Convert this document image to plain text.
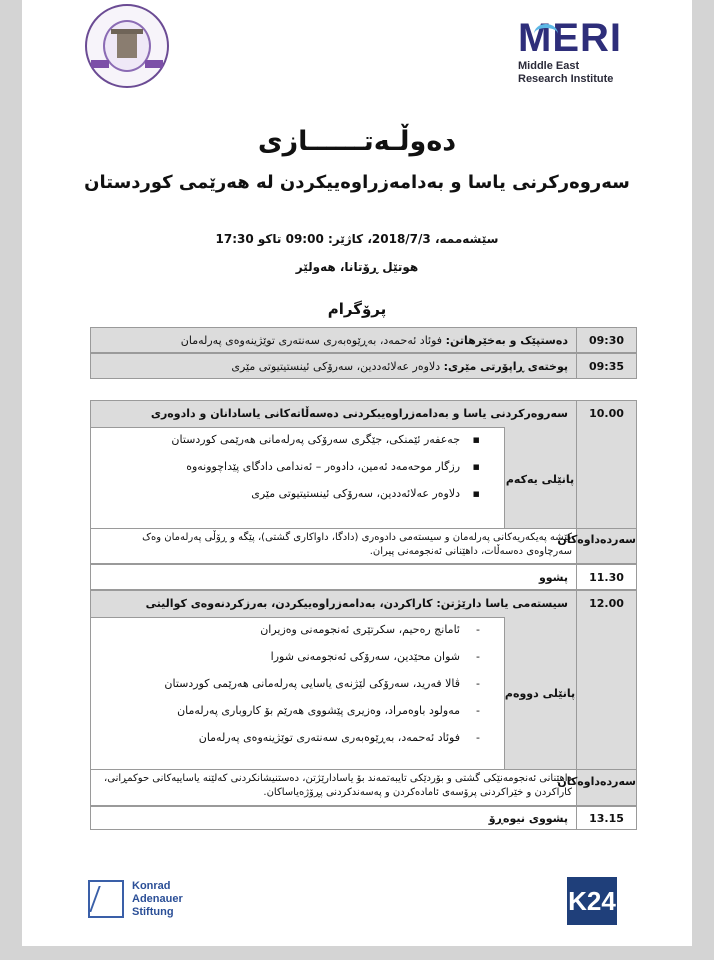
MERI
Middle East
Research Institute
دەوڵـەتــــــازی
سەروەرکرنی یاسا و بەدامەزراوەییکردن لە هەرێمی کوردستان
سێشەممە، 2018/7/3، کاژێر: 09:00 تاکو 17:30
هوتێل ڕۆتانا، هەولێر
پرۆگرام
دەستپێک و بەخێرهاتن: فوئاد ئەحمەد، بەڕێوەبەری سەنتەری توێژینەوەی پەرلەمان	09:30
پوختەی ڕاپۆرتی مێری: دلاوەر عەلائەددین، سەرۆکی ئینستیتیوتی مێری	09:35
سەروەرکردنی یاسا و بەدامەزراوەیبکردنی دەسەڵاتەکانی یاسادانان و دادوەری	10.00
پانێلی یەکەم
▪
جەعفەر ئێمنکی، جێگری سەرۆکی پەرلەمانی هەرێمی کوردستان
▪
رزگار موحەمەد ئەمین، دادوەر – ئەندامی دادگای پێداچوونەوە
▪
دلاوەر عەلائەددین، سەرۆکی ئینستیتیوتی مێری
سەردەداوەکان
کێشە پەیکەریەکانی پەرلەمان و سیستەمی دادوەری (دادگا، داواکاری گشتی)، پێگە و ڕۆڵی پەرلەمان وەک سەرچاوەی دەسەڵات، داهێنانی ئەنجومەنی پیران.
پشوو	11.30
سیستەمی یاسا دارێژتن: کاراکردن، بەدامەزراوەییکردن، بەرزکردنەوەی کوالیتی	12.00
پانێلی دووەم
-
ئامانج رەحیم، سکرتێری ئەنجومەنی وەزیران
-
شوان محێدین، سەرۆکی ئەنجومەنی شورا
-
ڤالا فەرید، سەرۆکی لێژنەی یاسایی پەرلەمانی هەرێمی کوردستان
-
مەولود باوەمراد، وەزیری پێشووی هەرێم بۆ کاروباری پەرلەمان
-
فوئاد ئەحمەد، بەڕێوەبەری سەنتەری توێژینەوەی پەرلەمان
سەردەداوەکان
داهێنانی ئەنجومەنێکی گشتی و بۆردێکی تایبەتمەند بۆ یاسادارێژتن، دەستنیشانکردنی کەلێنە یاساییەکانی حوکمڕانی، کاراکردن و خێراکردنی پرۆسەی ئامادەکردن و پەسەندکردنی پڕۆژەیاساکان.
پشووی نیوەڕۆ	13.15
Konrad
Adenauer
Stiftung	K24
